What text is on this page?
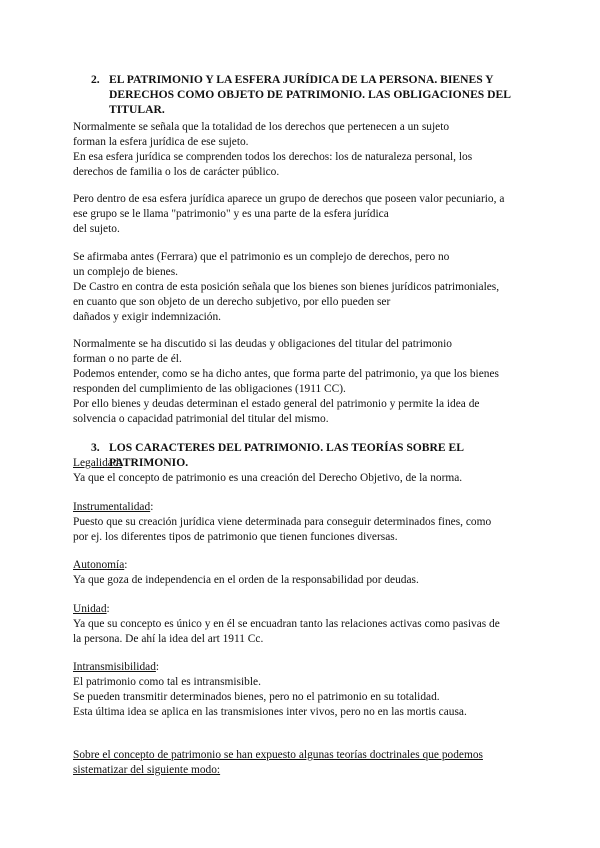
2. EL PATRIMONIO Y LA ESFERA JURÍDICA DE LA PERSONA. BIENES Y DERECHOS COMO OBJETO DE PATRIMONIO. LAS OBLIGACIONES DEL TITULAR.
Normalmente se señala que la totalidad de los derechos que pertenecen a un sujeto
forman la esfera jurídica de ese sujeto.
En esa esfera jurídica se comprenden todos los derechos: los de naturaleza personal, los
derechos de familia o los de carácter público.
Pero dentro de esa esfera jurídica aparece un grupo de derechos que poseen valor pecuniario, a
ese grupo se le llama "patrimonio" y es una parte de la esfera jurídica
del sujeto.
Se afirmaba antes (Ferrara) que el patrimonio es un complejo de derechos, pero no
un complejo de bienes.
De Castro en contra de esta posición señala que los bienes son bienes jurídicos patrimoniales,
en cuanto que son objeto de un derecho subjetivo, por ello pueden ser
dañados y exigir indemnización.
Normalmente se ha discutido si las deudas y obligaciones del titular del patrimonio
forman o no parte de él.
Podemos entender, como se ha dicho antes, que forma parte del patrimonio, ya que los bienes
responden del cumplimiento de las obligaciones (1911 CC).
Por ello bienes y deudas determinan el estado general del patrimonio y permite la idea de
solvencia o capacidad patrimonial del titular del mismo.
3. LOS CARACTERES DEL PATRIMONIO. LAS TEORÍAS SOBRE EL PATRIMONIO.
Legalidad:
Ya que el concepto de patrimonio es una creación del Derecho Objetivo, de la norma.
Instrumentalidad:
Puesto que su creación jurídica viene determinada para conseguir determinados fines, como
por ej. los diferentes tipos de patrimonio que tienen funciones diversas.
Autonomía:
Ya que goza de independencia en el orden de la responsabilidad por deudas.
Unidad:
Ya que su concepto es único y en él se encuadran tanto las relaciones activas como pasivas de
la persona. De ahí la idea del art 1911 Cc.
Intransmisibilidad:
El patrimonio como tal es intransmisible.
Se pueden transmitir determinados bienes, pero no el patrimonio en su totalidad.
Esta última idea se aplica en las transmisiones inter vivos, pero no en las mortis causa.
Sobre el concepto de patrimonio se han expuesto algunas teorías doctrinales que podemos
sistematizar del siguiente modo:
